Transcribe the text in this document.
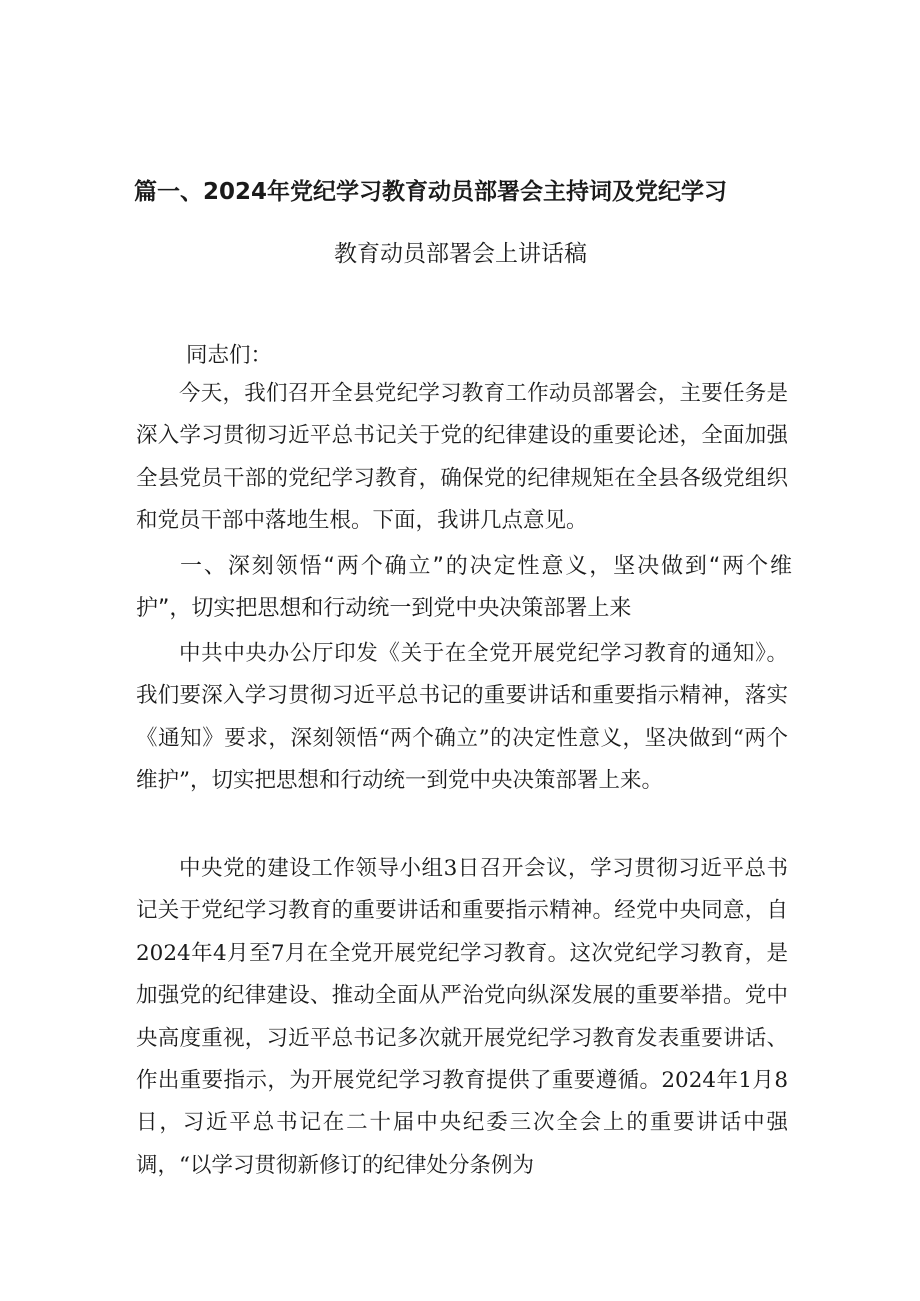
篇一、2024年党纪学习教育动员部署会主持词及党纪学习
教育动员部署会上讲话稿
同志们：
今天，我们召开全县党纪学习教育工作动员部署会，主要任务是深入学习贯彻习近平总书记关于党的纪律建设的重要论述，全面加强全县党员干部的党纪学习教育，确保党的纪律规矩在全县各级党组织和党员干部中落地生根。下面，我讲几点意见。
一、深刻领悟“两个确立”的决定性意义，坚决做到“两个维护”，切实把思想和行动统一到党中央决策部署上来
中共中央办公厅印发《关于在全党开展党纪学习教育的通知》。我们要深入学习贯彻习近平总书记的重要讲话和重要指示精神，落实《通知》要求，深刻领悟“两个确立”的决定性意义，坚决做到“两个维护”，切实把思想和行动统一到党中央决策部署上来。
中央党的建设工作领导小组3日召开会议，学习贯彻习近平总书记关于党纪学习教育的重要讲话和重要指示精神。经党中央同意，自2024年4月至7月在全党开展党纪学习教育。这次党纪学习教育，是加强党的纪律建设、推动全面从严治党向纵深发展的重要举措。党中央高度重视，习近平总书记多次就开展党纪学习教育发表重要讲话、作出重要指示，为开展党纪学习教育提供了重要遵循。2024年1月8日，习近平总书记在二十届中央纪委三次全会上的重要讲话中强调，“以学习贯彻新修订的纪律处分条例为
